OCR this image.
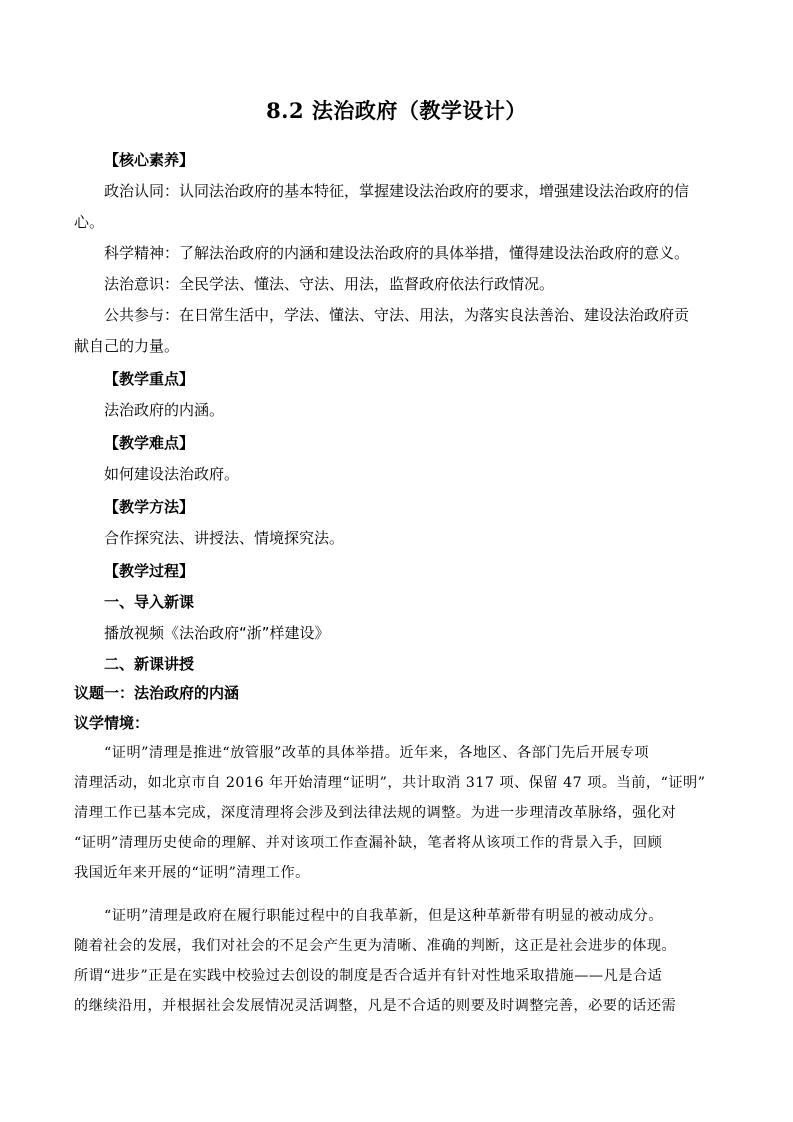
8.2 法治政府（教学设计）
【核心素养】
政治认同：认同法治政府的基本特征，掌握建设法治政府的要求，增强建设法治政府的信
心。
科学精神：了解法治政府的内涵和建设法治政府的具体举措，懂得建设法治政府的意义。
法治意识：全民学法、懂法、守法、用法，监督政府依法行政情况。
公共参与：在日常生活中，学法、懂法、守法、用法，为落实良法善治、建设法治政府贡
献自己的力量。
【教学重点】
法治政府的内涵。
【教学难点】
如何建设法治政府。
【教学方法】
合作探究法、讲授法、情境探究法。
【教学过程】
一、导入新课
播放视频《法治政府“浙”样建设》
二、新课讲授
议题一：法治政府的内涵
议学情境：
“证明”清理是推进“放管服”改革的具体举措。近年来，各地区、各部门先后开展专项
清理活动，如北京市自 2016 年开始清理“证明”，共计取消 317 项、保留 47 项。当前，“证明”
清理工作已基本完成，深度清理将会涉及到法律法规的调整。为进一步理清改革脉络，强化对
“证明”清理历史使命的理解、并对该项工作查漏补缺，笔者将从该项工作的背景入手，回顾
我国近年来开展的“证明”清理工作。
“证明”清理是政府在履行职能过程中的自我革新，但是这种革新带有明显的被动成分。
随着社会的发展，我们对社会的不足会产生更为清晰、准确的判断，这正是社会进步的体现。
所谓“进步”正是在实践中校验过去创设的制度是否合适并有针对性地采取措施——凡是合适
的继续沿用，并根据社会发展情况灵活调整，凡是不合适的则要及时调整完善，必要的话还需
